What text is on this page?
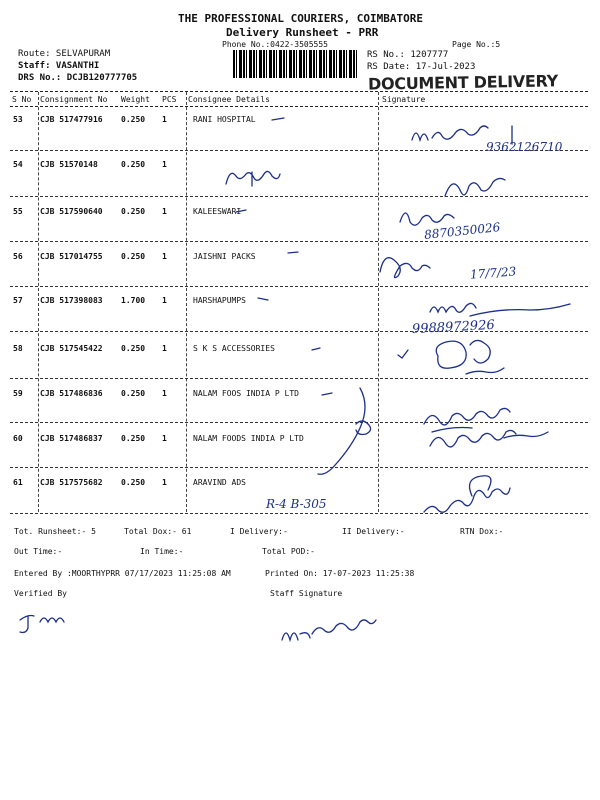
THE PROFESSIONAL COURIERS, COIMBATORE
Delivery Runsheet - PRR
Phone No.:0422-3505555	Page No.:5
Route: SELVAPURAM
Staff: VASANTHI
DRS No.: DCJB120777705
RS No.: 1207777
RS Date: 17-Jul-2023
DOCUMENT DELIVERY
S No Consignment No Weight PCS Consignee Details	Signature
53 CJB 517477916 0.250 1	RANI HOSPITAL
54 CJB 51570148	0.250 1
55 CJB 517590640 0.250 1	KALEESWARI
56 CJB 517014755 0.250 1	JAISHNI PACKS
57 CJB 517398083 1.700 1	HARSHAPUMPS
58 CJB 517545422 0.250 1	S K S ACCESSORIES
59 CJB 517486836 0.250 1	NALAM FOOS INDIA P LTD
60 CJB 517486837 0.250 1	NALAM FOODS INDIA P LTD
61 CJB 517575682 0.250 1	ARAVIND ADS
9362126710
8870350026
17/7/23
9988972926
R-4 B-305
Tot. Runsheet:- 5	Total Dox:- 61	I Delivery:-	II Delivery:-	RTN Dox:-
Out Time:-	In Time:-	Total POD:-
Entered By :MOORTHYPRR 07/17/2023 11:25:08 AM	Printed On: 17-07-2023 11:25:38
Verified By	Staff Signature
